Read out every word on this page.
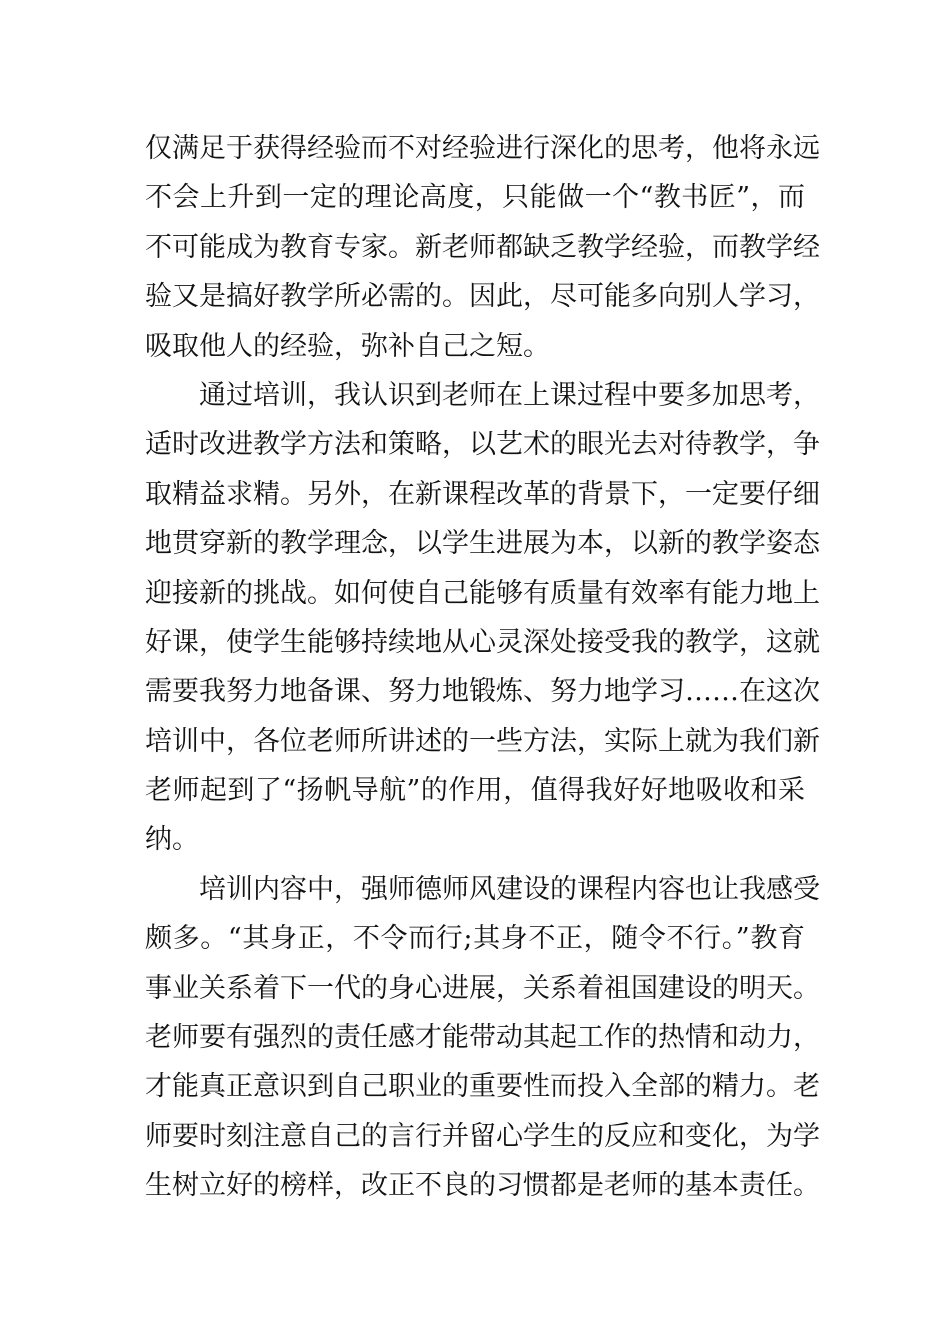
仅满足于获得经验而不对经验进行深化的思考，他将永远
不会上升到一定的理论高度，只能做一个“教书匠”，而
不可能成为教育专家。新老师都缺乏教学经验，而教学经
验又是搞好教学所必需的。因此，尽可能多向别人学习，
吸取他人的经验，弥补自己之短。
通过培训，我认识到老师在上课过程中要多加思考，
适时改进教学方法和策略，以艺术的眼光去对待教学，争
取精益求精。另外，在新课程改革的背景下，一定要仔细
地贯穿新的教学理念，以学生进展为本，以新的教学姿态
迎接新的挑战。如何使自己能够有质量有效率有能力地上
好课，使学生能够持续地从心灵深处接受我的教学，这就
需要我努力地备课、努力地锻炼、努力地学习……在这次
培训中，各位老师所讲述的一些方法，实际上就为我们新
老师起到了“扬帆导航”的作用，值得我好好地吸收和采
纳。
培训内容中，强师德师风建设的课程内容也让我感受
颇多。“其身正，不令而行;其身不正，随令不行。”教育
事业关系着下一代的身心进展，关系着祖国建设的明天。
老师要有强烈的责任感才能带动其起工作的热情和动力，
才能真正意识到自己职业的重要性而投入全部的精力。老
师要时刻注意自己的言行并留心学生的反应和变化，为学
生树立好的榜样，改正不良的习惯都是老师的基本责任。
